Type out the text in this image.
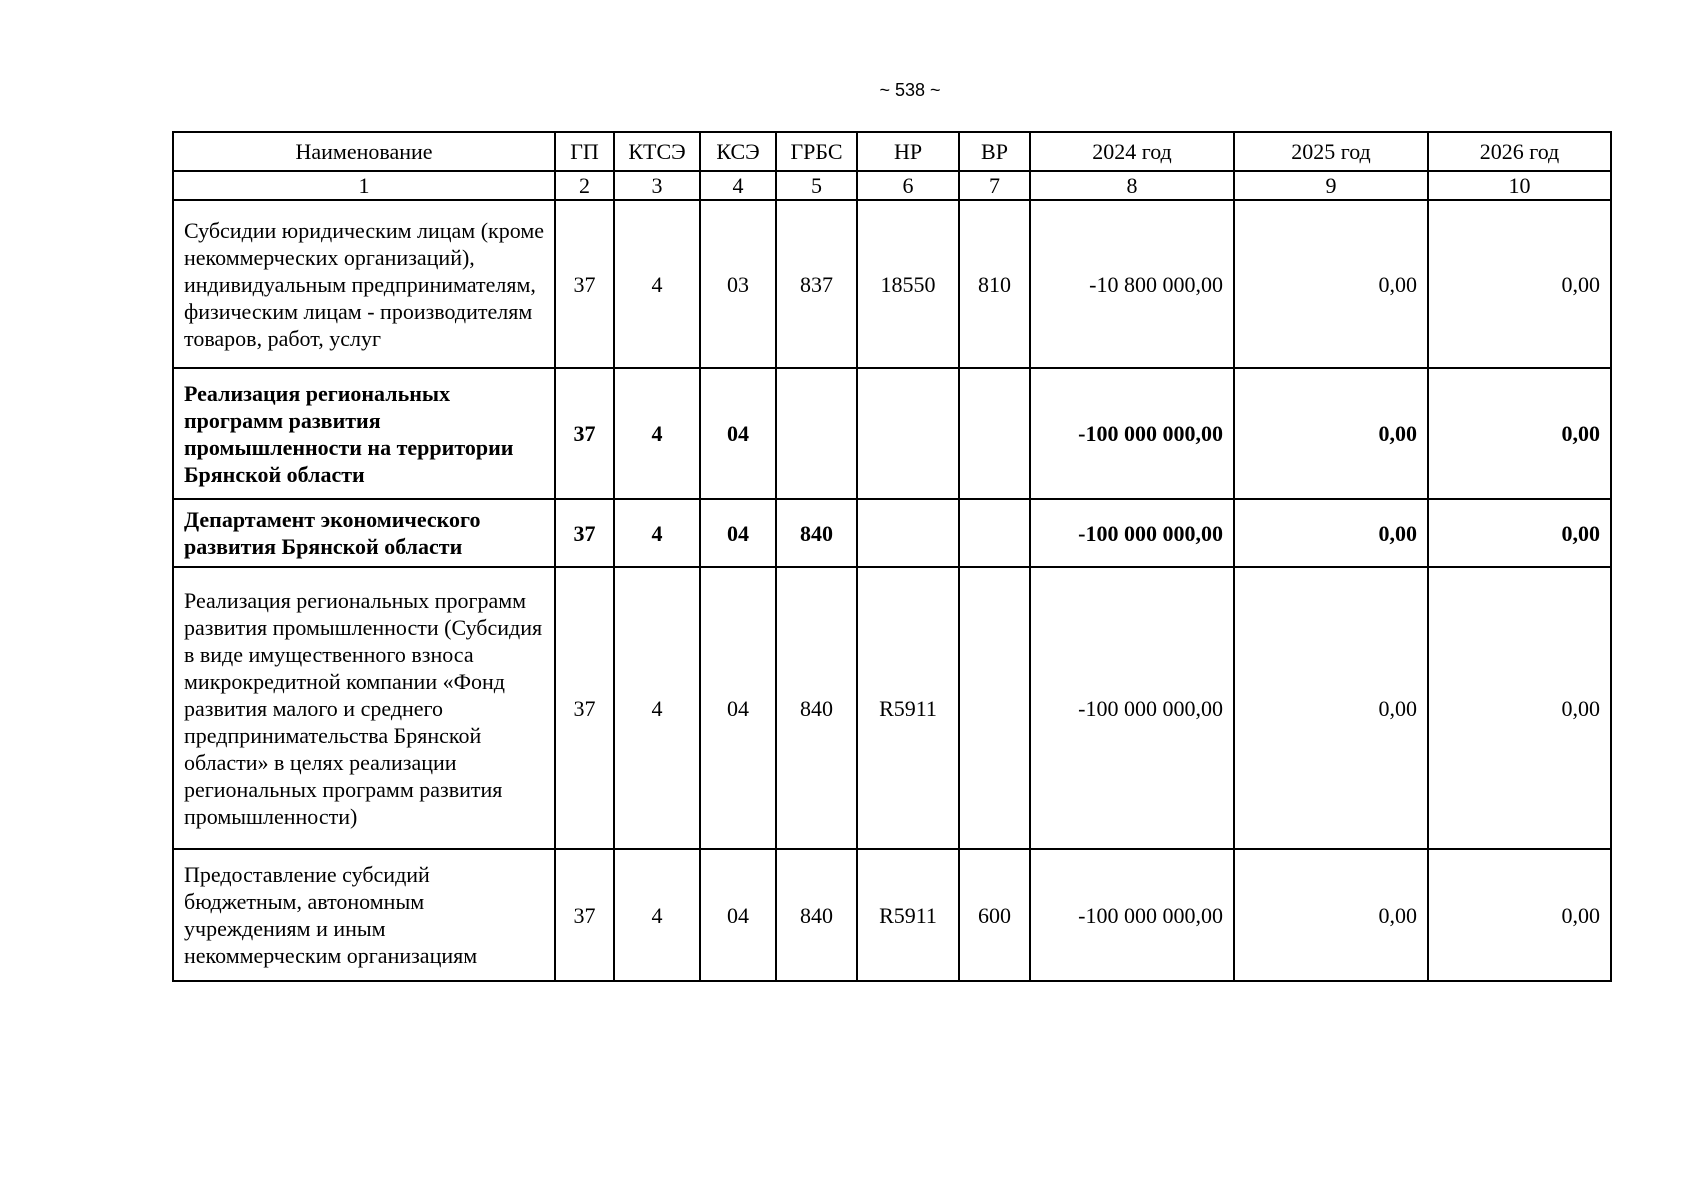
~ 538 ~
Наименование	ГП	КТСЭ	КСЭ	ГРБС	НР	ВР	2024 год	2025 год	2026 год
1	2	3	4	5	6	7	8	9	10
Субсидии юридическим лицам (кроме некоммерческих организаций), индивидуальным предпринимателям, физическим лицам - производителям товаров, работ, услуг	37	4	03	837	18550	810	-10 800 000,00	0,00	0,00
Реализация региональных программ развития промышленности на территории Брянской области	37	4	04				-100 000 000,00	0,00	0,00
Департамент экономического развития Брянской области	37	4	04	840			-100 000 000,00	0,00	0,00
Реализация региональных программ развития промышленности (Субсидия в виде имущественного взноса микрокредитной компании «Фонд развития малого и среднего предпринимательства Брянской области» в целях реализации региональных программ развития промышленности)	37	4	04	840	R5911		-100 000 000,00	0,00	0,00
Предоставление субсидий бюджетным, автономным учреждениям и иным некоммерческим организациям	37	4	04	840	R5911	600	-100 000 000,00	0,00	0,00
